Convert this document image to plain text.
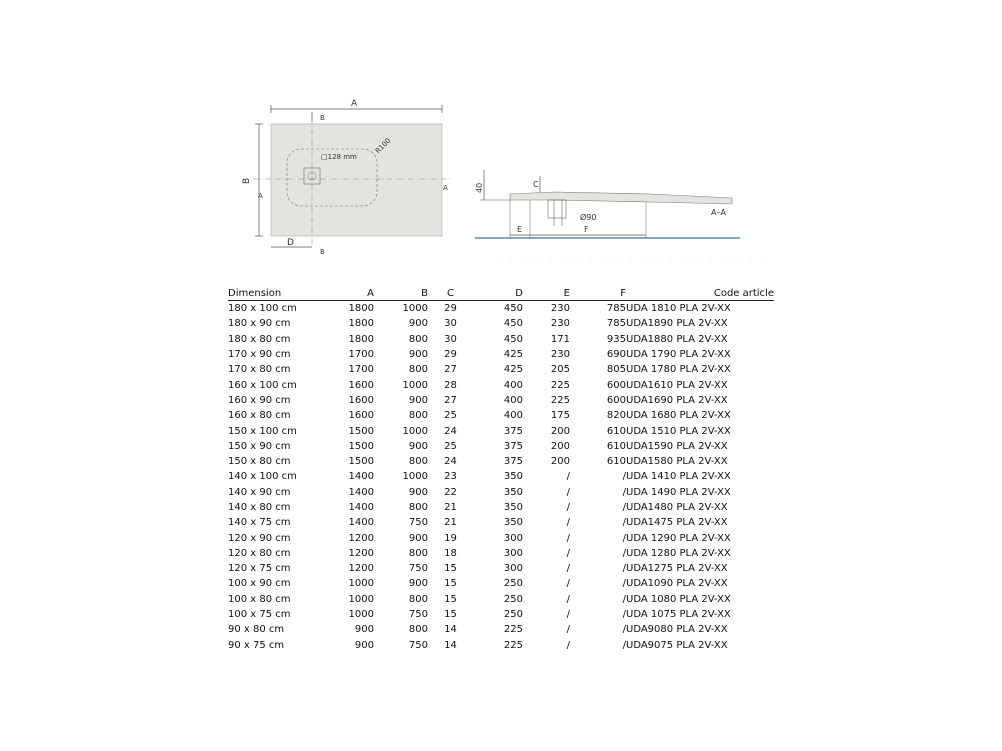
A
B
B
A
A
□128 mm
R100
D
B
40	C
Ø90
E	F
A–A
Dimension	A	B	C	D	E	F	Code article
180 x 100 cm	1800	1000	29	450	230	785	UDA 1810 PLA 2V-XX
180 x 90 cm	1800	900	30	450	230	785	UDA1890 PLA 2V-XX
180 x 80 cm	1800	800	30	450	171	935	UDA1880 PLA 2V-XX
170 x 90 cm	1700	900	29	425	230	690	UDA 1790 PLA 2V-XX
170 x 80 cm	1700	800	27	425	205	805	UDA 1780 PLA 2V-XX
160 x 100 cm	1600	1000	28	400	225	600	UDA1610 PLA 2V-XX
160 x 90 cm	1600	900	27	400	225	600	UDA1690 PLA 2V-XX
160 x 80 cm	1600	800	25	400	175	820	UDA 1680 PLA 2V-XX
150 x 100 cm	1500	1000	24	375	200	610	UDA 1510 PLA 2V-XX
150 x 90 cm	1500	900	25	375	200	610	UDA1590 PLA 2V-XX
150 x 80 cm	1500	800	24	375	200	610	UDA1580 PLA 2V-XX
140 x 100 cm	1400	1000	23	350	/	/	UDA 1410 PLA 2V-XX
140 x 90 cm	1400	900	22	350	/	/	UDA 1490 PLA 2V-XX
140 x 80 cm	1400	800	21	350	/	/	UDA1480 PLA 2V-XX
140 x 75 cm	1400	750	21	350	/	/	UDA1475 PLA 2V-XX
120 x 90 cm	1200	900	19	300	/	/	UDA 1290 PLA 2V-XX
120 x 80 cm	1200	800	18	300	/	/	UDA 1280 PLA 2V-XX
120 x 75 cm	1200	750	15	300	/	/	UDA1275 PLA 2V-XX
100 x 90 cm	1000	900	15	250	/	/	UDA1090 PLA 2V-XX
100 x 80 cm	1000	800	15	250	/	/	UDA 1080 PLA 2V-XX
100 x 75 cm	1000	750	15	250	/	/	UDA 1075 PLA 2V-XX
90 x 80 cm	900	800	14	225	/	/	UDA9080 PLA 2V-XX
90 x 75 cm	900	750	14	225	/	/	UDA9075 PLA 2V-XX
